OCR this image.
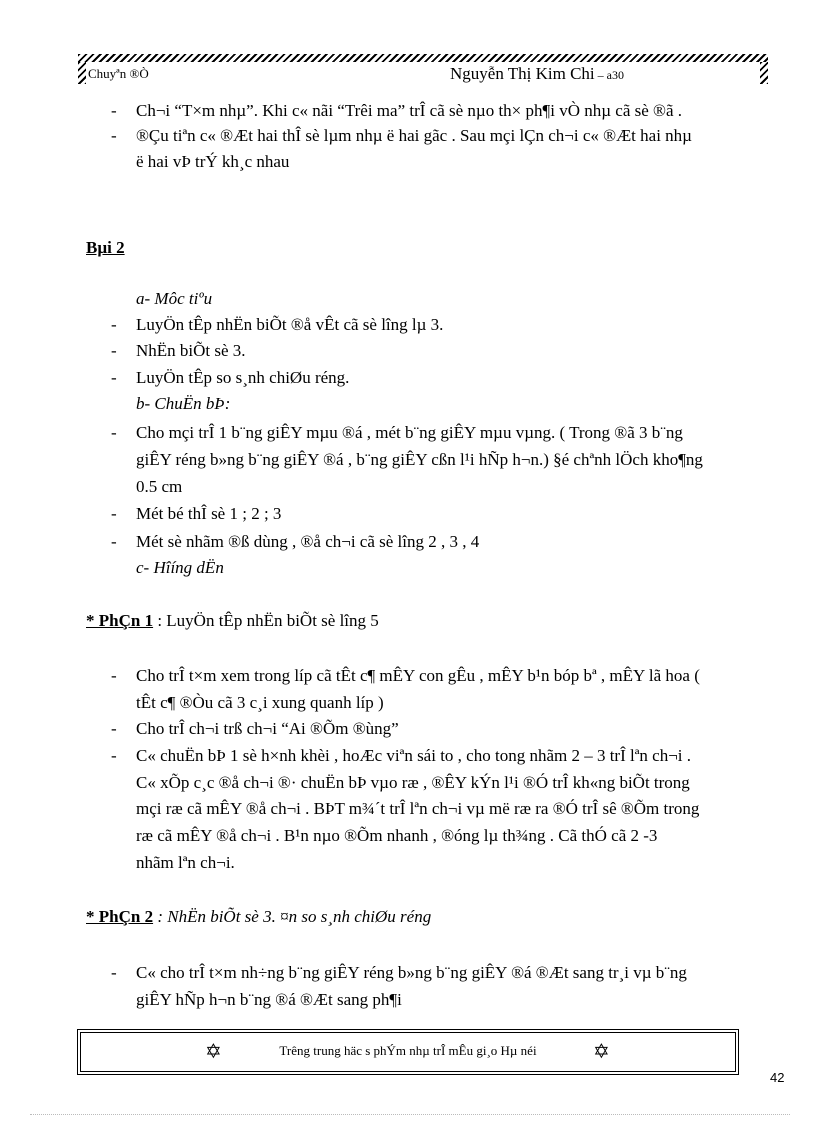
Chuyªn ®Ò	Nguyễn Thị Kim Chi – a30
- Ch¬i “T×m nhµ”. Khi c« nãi “Trêi ma” trÎ cã sè nµo th× ph¶i vÒ nhµ cã sè ®ã .
- ®Çu tiªn c« ®Æt hai thÎ sè lµm nhµ ë hai gãc . Sau mçi lÇn ch¬i c« ®Æt hai nhµ
ë hai vÞ trÝ kh¸c nhau
Bµi 2
a- Môc tiºu
- LuyÖn tÊp nhËn biÕt ®å vÊt cã sè lîng lµ 3.
- NhËn biÕt sè 3.
- LuyÖn tÊp so s¸nh chiØu réng.
b- ChuËn bÞ:
- Cho mçi trÎ 1 b¨ng giÊY mµu ®á , mét b¨ng giÊY mµu vµng. ( Trong ®ã 3 b¨ng
giÊY réng b»ng b¨ng giÊY ®á , b¨ng giÊY cßn l¹i hÑp h¬n.) §é chªnh lÖch kho¶ng
0.5 cm
- Mét bé thÎ sè 1 ; 2 ; 3
- Mét sè nhãm ®ß dùng , ®å ch¬i cã sè lîng 2 , 3 , 4
c- Hîíng dËn
* PhÇn 1 : LuyÖn tÊp nhËn biÕt sè lîng 5
- Cho trÎ t×m xem trong líp cã tÊt c¶ mÊY con gÊu , mÊY b¹n bóp bª , mÊY lã hoa (
tÊt c¶ ®Òu cã 3 c¸i xung quanh líp )
- Cho trÎ ch¬i trß ch¬i “Ai ®Õm ®ùng”
- C« chuËn bÞ 1 sè h×nh khèi , hoÆc viªn sái to , cho tong nhãm 2 – 3 trÎ lªn ch¬i .
C« xÕp c¸c ®å ch¬i ®· chuËn bÞ vµo ræ , ®ÊY kÝn l¹i ®Ó trÎ kh«ng biÕt trong
mçi ræ cã mÊY ®å ch¬i . BÞT m¾´t trÎ lªn ch¬i vµ më ræ ra ®Ó trÎ sê ®Õm trong
ræ cã mÊY ®å ch¬i . B¹n nµo ®Õm nhanh , ®óng lµ th¾ng . Cã thÓ cã 2 -3
nhãm lªn ch¬i.
* PhÇn 2 : NhËn biÕt sè 3. ¤n so s¸nh chiØu réng
- C« cho trÎ t×m nh÷ng b¨ng giÊY réng b»ng b¨ng giÊY ®á ®Æt sang tr¸i vµ b¨ng
giÊY hÑp h¬n b¨ng ®á ®Æt sang ph¶i
✡	Trêng trung häc s phÝm nhµ trÎ mÊu gi¸o Hµ néi	✡
42
